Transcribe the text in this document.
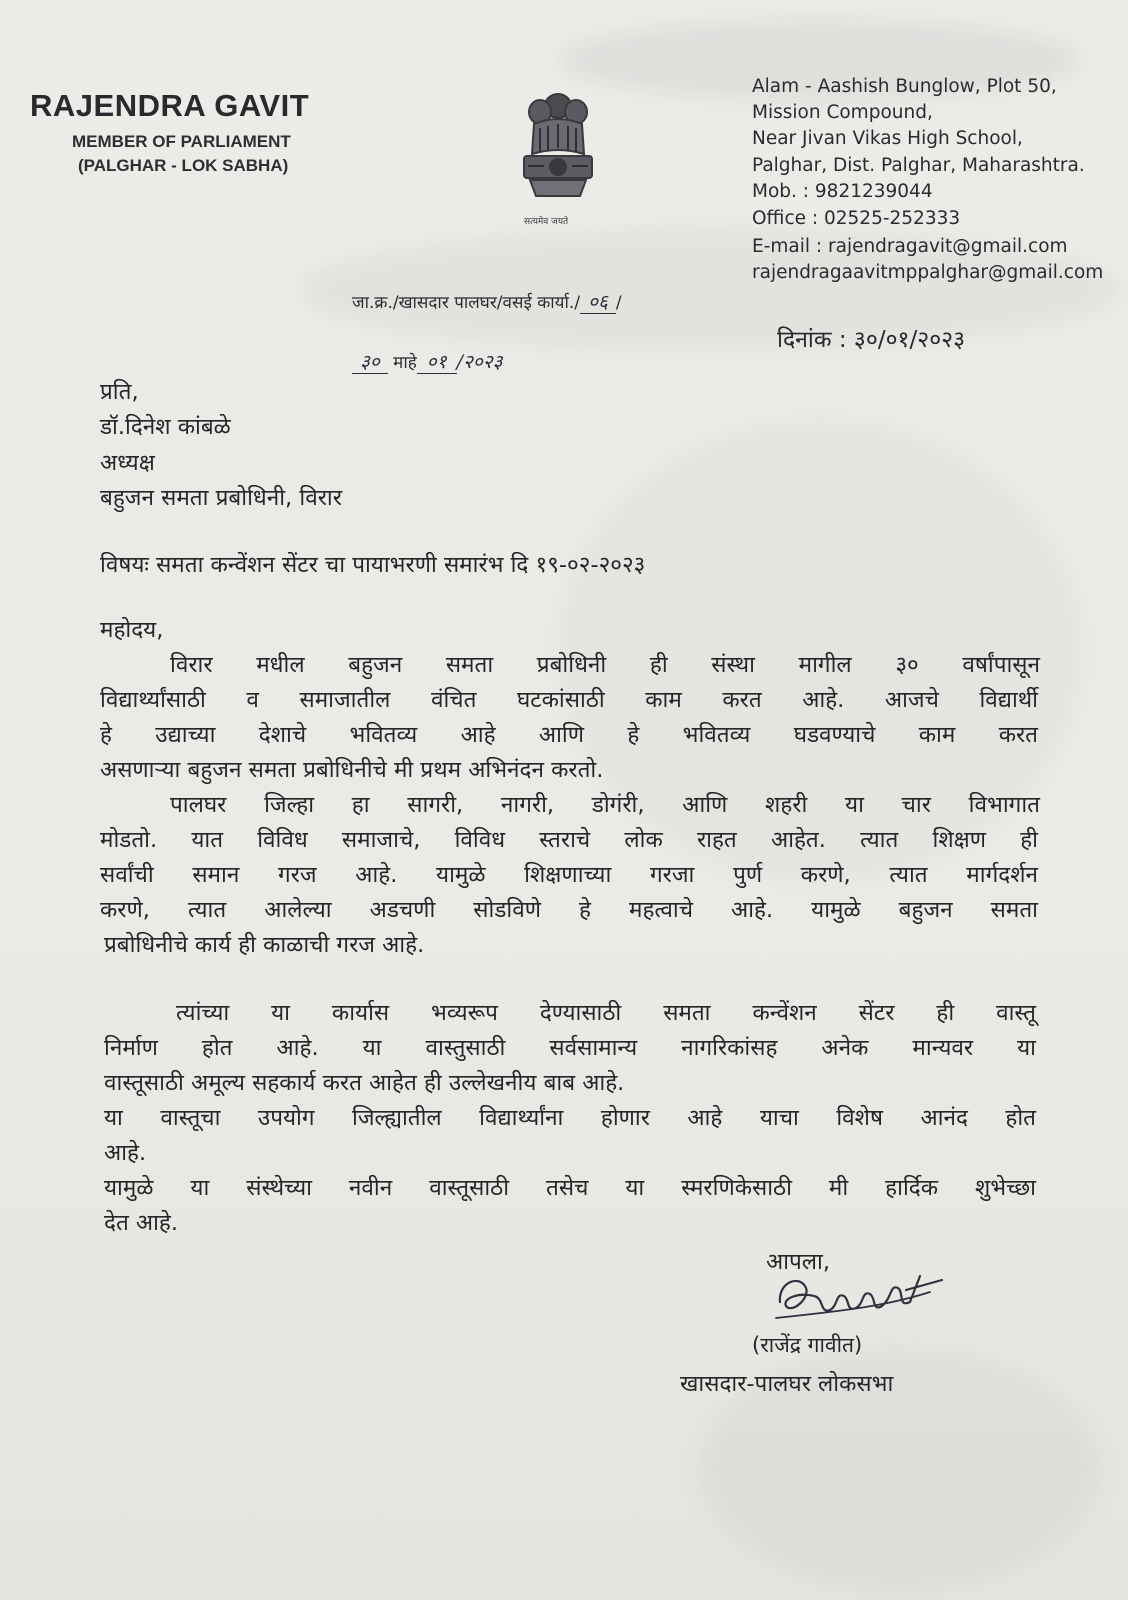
RAJENDRA GAVIT
MEMBER OF PARLIAMENT
(PALGHAR - LOK SABHA)
सत्यमेव जयते
Alam - Aashish Bunglow, Plot 50,
Mission Compound,
Near Jivan Vikas High School,
Palghar, Dist. Palghar, Maharashtra.
Mob. : 9821239044
Office : 02525-252333
E-mail : rajendragavit@gmail.com
rajendragaavitmppalghar@gmail.com
जा.क्र./खासदार पालघर/वसई कार्या./ ०६ /
दिनांक : ३०/०१/२०२३
३० माहे ०१ /२०२३
प्रति,
डॉ.दिनेश कांबळे
अध्यक्ष
बहुजन समता प्रबोधिनी, विरार
विषयः समता कन्वेंशन सेंटर चा पायाभरणी समारंभ दि १९-०२-२०२३
महोदय,
विरार मधील बहुजन समता प्रबोधिनी ही संस्था मागील ३० वर्षांपासून
विद्यार्थ्यांसाठी व समाजातील वंचित घटकांसाठी काम करत आहे. आजचे विद्यार्थी
हे उद्याच्या देशाचे भवितव्य आहे आणि हे भवितव्य घडवण्याचे काम करत
असणाऱ्या बहुजन समता प्रबोधिनीचे मी प्रथम अभिनंदन करतो.
पालघर जिल्हा हा सागरी, नागरी, डोगंरी, आणि शहरी या चार विभागात
मोडतो. यात विविध समाजाचे, विविध स्तराचे लोक राहत आहेत. त्यात शिक्षण ही
सर्वांची समान गरज आहे. यामुळे शिक्षणाच्या गरजा पुर्ण करणे, त्यात मार्गदर्शन
करणे, त्यात आलेल्या अडचणी सोडविणे हे महत्वाचे आहे. यामुळे बहुजन समता
प्रबोधिनीचे कार्य ही काळाची गरज आहे.
त्यांच्या या कार्यास भव्यरूप देण्यासाठी समता कन्वेंशन सेंटर ही वास्तू
निर्माण होत आहे. या वास्तुसाठी सर्वसामान्य नागरिकांसह अनेक मान्यवर या
वास्तूसाठी अमूल्य सहकार्य करत आहेत ही उल्लेखनीय बाब आहे.
या वास्तूचा उपयोग जिल्ह्यातील विद्यार्थ्यांना होणार आहे याचा विशेष आनंद होत
आहे.
यामुळे या संस्थेच्या नवीन वास्तूसाठी तसेच या स्मरणिकेसाठी मी हार्दिक शुभेच्छा
देत आहे.
आपला,
(राजेंद्र गावीत)
खासदार-पालघर लोकसभा
